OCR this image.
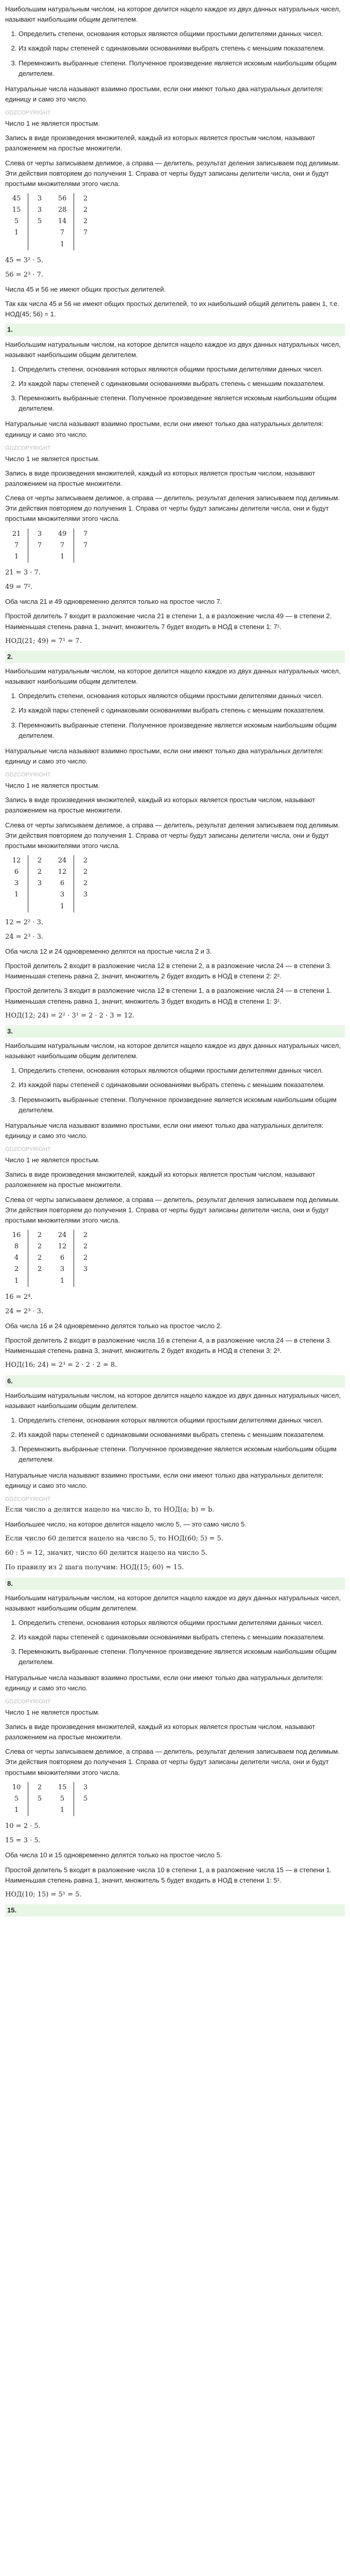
Наибольшим натуральным числом, на которое делится нацело каждое из двух данных натуральных чисел, называют наибольшим общим делителем.

1. Определить степени, основания которых являются общими простыми делителями данных чисел.
2. Из каждой пары степеней с одинаковыми основаниями выбрать степень с меньшим показателем.
3. Перемножить выбранные степени. Полученное произведение является искомым наибольшим общим делителем.

Натуральные числа называют взаимно простыми, если они имеют только два натуральных делителя: единицу и само это число.

GDZCOPYRIGHT

Число 1 не является простым.

Запись в виде произведения множителей, каждый из которых является простым числом, называют разложением на простые множители.

Слева от черты записываем делимое, а справа — делитель, результат деления записываем под делимым. Эти действия повторяем до получения 1. Справа от черты будут записаны делители числа, они и будут простыми множителями этого числа.

45	3	56	2
15	3	28	2
5	5	14	2
1		7	7
		1	

45 = 3² · 5.

56 = 2³ · 7.

Числа 45 и 56 не имеют общих простых делителей.

Так как числа 45 и 56 не имеют общих простых делителей, то их наибольший общий делитель равен 1, т.е. НОД(45; 56) = 1.

1.

Наибольшим натуральным числом, на которое делится нацело каждое из двух данных натуральных чисел, называют наибольшим общим делителем.

1. Определить степени, основания которых являются общими простыми делителями данных чисел.
2. Из каждой пары степеней с одинаковыми основаниями выбрать степень с меньшим показателем.
3. Перемножить выбранные степени. Полученное произведение является искомым наибольшим общим делителем.

Натуральные числа называют взаимно простыми, если они имеют только два натуральных делителя: единицу и само это число.

GDZCOPYRIGHT

Число 1 не является простым.

Запись в виде произведения множителей, каждый из которых является простым числом, называют разложением на простые множители.

Слева от черты записываем делимое, а справа — делитель, результат деления записываем под делимым. Эти действия повторяем до получения 1. Справа от черты будут записаны делители числа, они и будут простыми множителями этого числа.

21	3	49	7
7	7	7	7
1		1	

21 = 3 · 7.

49 = 7².

Оба числа 21 и 49 одновременно делятся только на простое число 7.

Простой делитель 7 входит в разложение числа 21 в степени 1, а в разложение числа 49 — в степени 2. Наименьшая степень равна 1, значит, множитель 7 будет входить в НОД в степени 1: 7¹.

НОД(21; 49) = 7¹ = 7.

2.

Наибольшим натуральным числом, на которое делится нацело каждое из двух данных натуральных чисел, называют наибольшим общим делителем.

1. Определить степени, основания которых являются общими простыми делителями данных чисел.
2. Из каждой пары степеней с одинаковыми основаниями выбрать степень с меньшим показателем.
3. Перемножить выбранные степени. Полученное произведение является искомым наибольшим общим делителем.

Натуральные числа называют взаимно простыми, если они имеют только два натуральных делителя: единицу и само это число.

GDZCOPYRIGHT

Число 1 не является простым.

Запись в виде произведения множителей, каждый из которых является простым числом, называют разложением на простые множители.

Слева от черты записываем делимое, а справа — делитель, результат деления записываем под делимым. Эти действия повторяем до получения 1. Справа от черты будут записаны делители числа, они и будут простыми множителями этого числа.

12	2	24	2
6	2	12	2
3	3	6	2
1		3	3
		1	

12 = 2² · 3.

24 = 2³ · 3.

Оба числа 12 и 24 одновременно делятся на простые числа 2 и 3.

Простой делитель 2 входит в разложение числа 12 в степени 2, а в разложение числа 24 — в степени 3. Наименьшая степень равна 2, значит, множитель 2 будет входить в НОД в степени 2: 2².

Простой делитель 3 входит в разложение числа 12 в степени 1, а в разложение числа 24 — в степени 1. Наименьшая степень равна 1, значит, множитель 3 будет входить в НОД в степени 1: 3¹.

НОД(12; 24) = 2² · 3¹ = 2 · 2 · 3 = 12.

3.

Наибольшим натуральным числом, на которое делится нацело каждое из двух данных натуральных чисел, называют наибольшим общим делителем.

1. Определить степени, основания которых являются общими простыми делителями данных чисел.
2. Из каждой пары степеней с одинаковыми основаниями выбрать степень с меньшим показателем.
3. Перемножить выбранные степени. Полученное произведение является искомым наибольшим общим делителем.

Натуральные числа называют взаимно простыми, если они имеют только два натуральных делителя: единицу и само это число.

GDZCOPYRIGHT

Число 1 не является простым.

Запись в виде произведения множителей, каждый из которых является простым числом, называют разложением на простые множители.

Слева от черты записываем делимое, а справа — делитель, результат деления записываем под делимым. Эти действия повторяем до получения 1. Справа от черты будут записаны делители числа, они и будут простыми множителями этого числа.

16	2	24	2
8	2	12	2
4	2	6	2
2	2	3	3
1		1	

16 = 2⁴.

24 = 2³ · 3.

Оба числа 16 и 24 одновременно делятся только на простое число 2.

Простой делитель 2 входит в разложение числа 16 в степени 4, а в разложение числа 24 — в степени 3. Наименьшая степень равна 3, значит, множитель 2 будет входить в НОД в степени 3: 2³.

НОД(16; 24) = 2³ = 2 · 2 · 2 = 8.

6.

Наибольшим натуральным числом, на которое делится нацело каждое из двух данных натуральных чисел, называют наибольшим общим делителем.

1. Определить степени, основания которых являются общими простыми делителями данных чисел.
2. Из каждой пары степеней с одинаковыми основаниями выбрать степень с меньшим показателем.
3. Перемножить выбранные степени. Полученное произведение является искомым наибольшим общим делителем.

Натуральные числа называют взаимно простыми, если они имеют только два натуральных делителя: единицу и само это число.

GDZCOPYRIGHT

Если число a делится нацело на число b, то НОД(a; b) = b.

Наибольшее число, на которое делится нацело число 5, — это само число 5.

Если число 60 делится нацело на число 5, то НОД(60; 5) = 5.

60 : 5 = 12, значит, число 60 делится нацело на число 5.

По правилу из 2 шага получим: НОД(15; 60) = 15.

8.

Наибольшим натуральным числом, на которое делится нацело каждое из двух данных натуральных чисел, называют наибольшим общим делителем.

1. Определить степени, основания которых являются общими простыми делителями данных чисел.
2. Из каждой пары степеней с одинаковыми основаниями выбрать степень с меньшим показателем.
3. Перемножить выбранные степени. Полученное произведение является искомым наибольшим общим делителем.

Натуральные числа называют взаимно простыми, если они имеют только два натуральных делителя: единицу и само это число.

GDZCOPYRIGHT

Число 1 не является простым.

Запись в виде произведения множителей, каждый из которых является простым числом, называют разложением на простые множители.

Слева от черты записываем делимое, а справа — делитель, результат деления записываем под делимым. Эти действия повторяем до получения 1. Справа от черты будут записаны делители числа, они и будут простыми множителями этого числа.

10	2	15	3
5	5	5	5
1		1	

10 = 2 · 5.

15 = 3 · 5.

Оба числа 10 и 15 одновременно делятся только на простое число 5.

Простой делитель 5 входит в разложение числа 10 в степени 1, а в разложение числа 15 — в степени 1. Наименьшая степень равна 1, значит, множитель 5 будет входить в НОД в степени 1: 5¹.

НОД(10; 15) = 5¹ = 5.

15.
